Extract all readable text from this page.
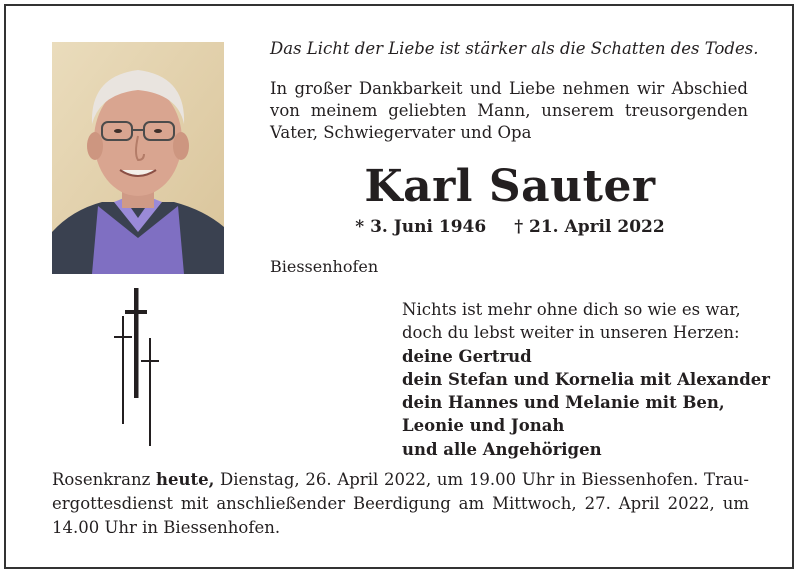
Das Licht der Liebe ist stärker als die Schatten des Todes.
In großer Dankbarkeit und Liebe nehmen wir Abschied
von meinem geliebten Mann, unserem treusorgenden
Vater, Schwiegervater und Opa
Karl Sauter
* 3. Juni 1946 † 21. April 2022
Biessenhofen
Nichts ist mehr ohne dich so wie es war,
doch du lebst weiter in unseren Herzen:
deine Gertrud
dein Stefan und Kornelia mit Alexander
dein Hannes und Melanie mit Ben,
Leonie und Jonah
und alle Angehörigen
Rosenkranz heute, Dienstag, 26. April 2022, um 19.00 Uhr in Biessenhofen. Trau-
ergottesdienst mit anschließender Beerdigung am Mittwoch, 27. April 2022, um
14.00 Uhr in Biessenhofen.
